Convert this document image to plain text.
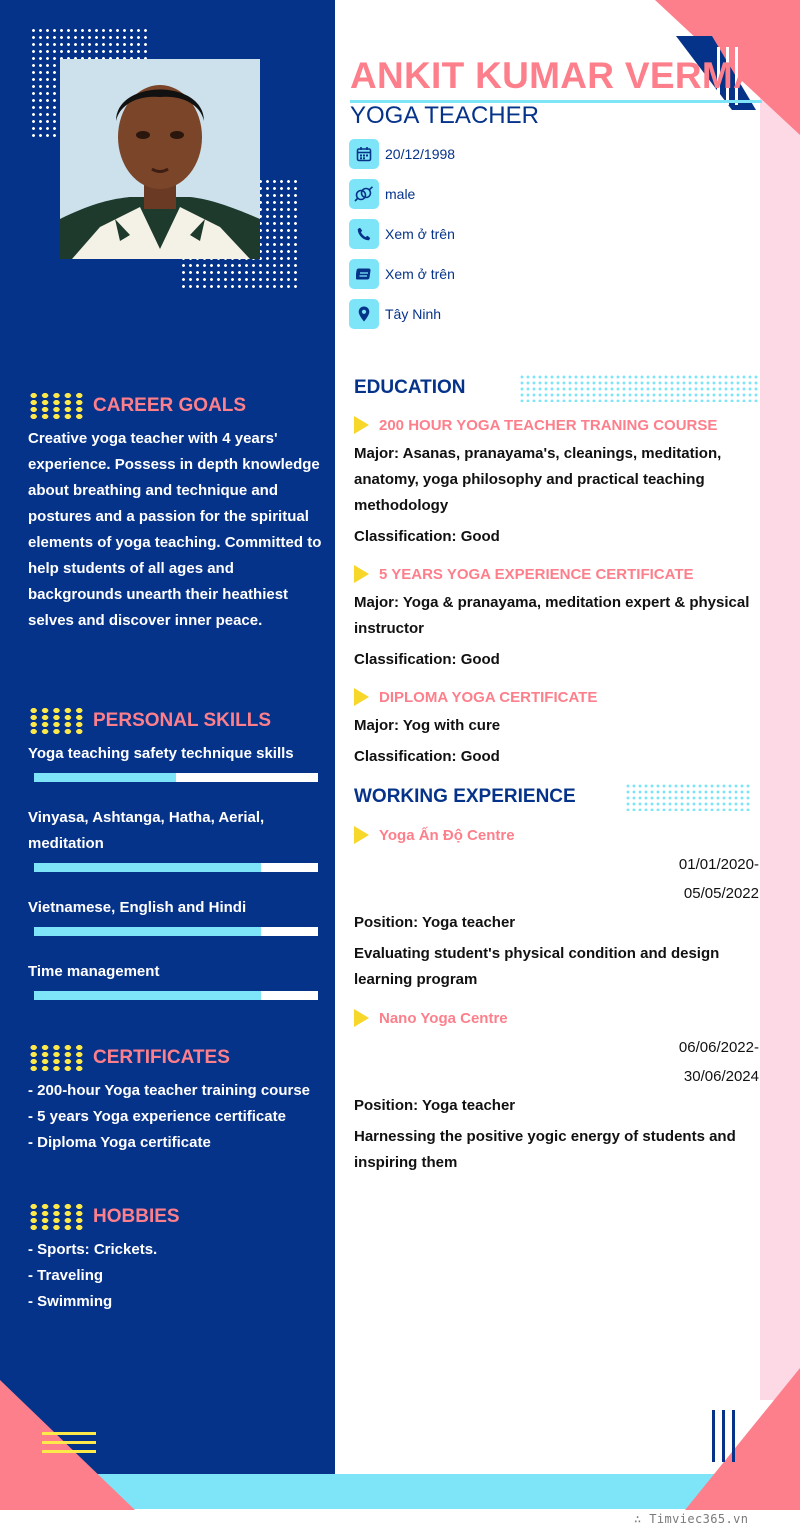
ANKIT KUMAR VERMA
YOGA TEACHER
20/12/1998
male
Xem ở trên
Xem ở trên
Tây Ninh
CAREER GOALS
Creative yoga teacher with 4 years' experience. Possess in depth knowledge about breathing and technique and postures and a passion for the spiritual elements of yoga teaching. Committed to help students of all ages and backgrounds unearth their heathiest selves and discover inner peace.
PERSONAL SKILLS
Yoga teaching safety technique skills
Vinyasa, Ashtanga, Hatha, Aerial, meditation
Vietnamese, English and Hindi
Time management
CERTIFICATES
- 200-hour Yoga teacher training course
- 5 years Yoga experience certificate
- Diploma Yoga certificate
HOBBIES
- Sports: Crickets.
- Traveling
- Swimming
EDUCATION
200 HOUR YOGA TEACHER TRANING COURSE
Major: Asanas, pranayama's, cleanings, meditation, anatomy, yoga philosophy and practical teaching methodology
Classification: Good
5 YEARS YOGA EXPERIENCE CERTIFICATE
Major: Yoga & pranayama, meditation expert & physical instructor
Classification: Good
DIPLOMA YOGA CERTIFICATE
Major: Yog with cure
Classification: Good
WORKING EXPERIENCE
Yoga Ấn Độ Centre
01/01/2020-
05/05/2022
Position: Yoga teacher
Evaluating student's physical condition and design learning program
Nano Yoga Centre
06/06/2022-
30/06/2024
Position: Yoga teacher
Harnessing the positive yogic energy of students and inspiring them
∴ Timviec365.vn
